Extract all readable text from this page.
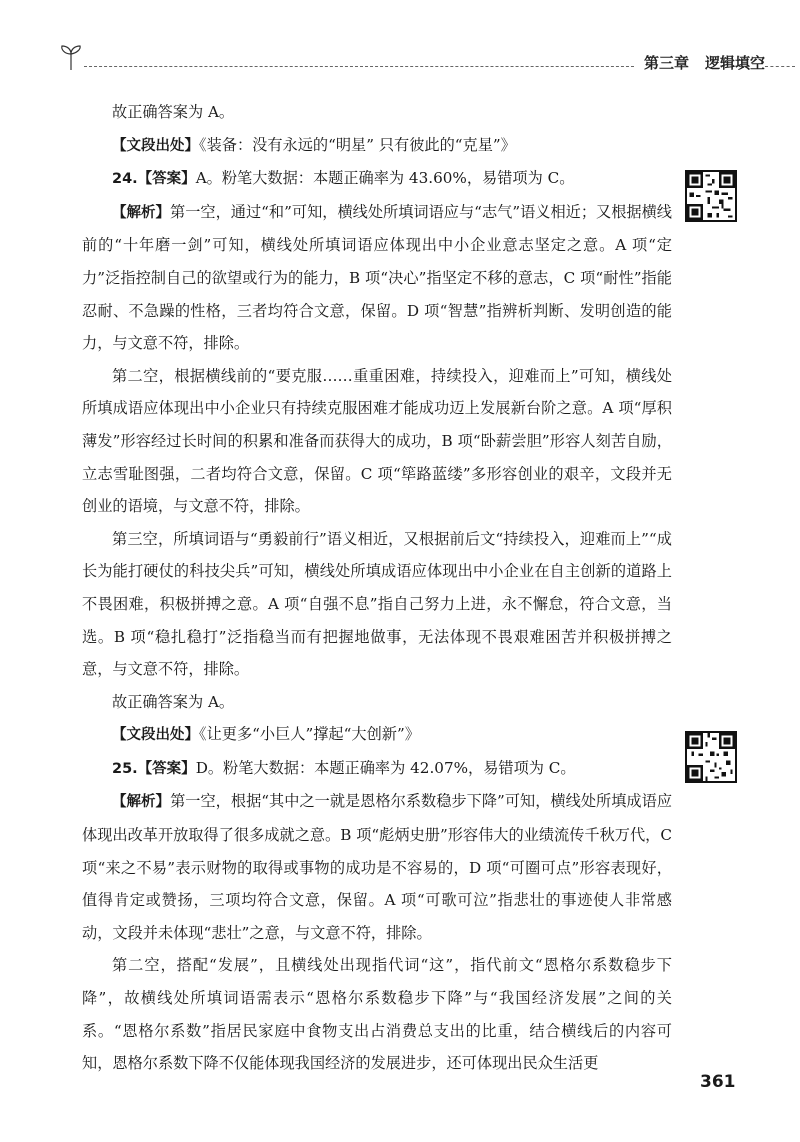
第三章 逻辑填空

故正确答案为 A。

【文段出处】《装备：没有永远的“明星” 只有彼此的“克星”》

24.【答案】A。粉笔大数据：本题正确率为 43.60%，易错项为 C。

【解析】第一空，通过“和”可知，横线处所填词语应与“志气”语义相近；又根据横线前的“十年磨一剑”可知，横线处所填词语应体现出中小企业意志坚定之意。A 项“定力”泛指控制自己的欲望或行为的能力，B 项“决心”指坚定不移的意志，C 项“耐性”指能忍耐、不急躁的性格，三者均符合文意，保留。D 项“智慧”指辨析判断、发明创造的能力，与文意不符，排除。

第二空，根据横线前的“要克服……重重困难，持续投入，迎难而上”可知，横线处所填成语应体现出中小企业只有持续克服困难才能成功迈上发展新台阶之意。A 项“厚积薄发”形容经过长时间的积累和准备而获得大的成功，B 项“卧薪尝胆”形容人刻苦自励，立志雪耻图强，二者均符合文意，保留。C 项“筚路蓝缕”多形容创业的艰辛，文段并无创业的语境，与文意不符，排除。

第三空，所填词语与“勇毅前行”语义相近，又根据前后文“持续投入，迎难而上”“成长为能打硬仗的科技尖兵”可知，横线处所填成语应体现出中小企业在自主创新的道路上不畏困难，积极拼搏之意。A 项“自强不息”指自己努力上进，永不懈怠，符合文意，当选。B 项“稳扎稳打”泛指稳当而有把握地做事，无法体现不畏艰难困苦并积极拼搏之意，与文意不符，排除。

故正确答案为 A。

【文段出处】《让更多“小巨人”撑起“大创新”》

25.【答案】D。粉笔大数据：本题正确率为 42.07%，易错项为 C。

【解析】第一空，根据“其中之一就是恩格尔系数稳步下降”可知，横线处所填成语应体现出改革开放取得了很多成就之意。B 项“彪炳史册”形容伟大的业绩流传千秋万代，C 项“来之不易”表示财物的取得或事物的成功是不容易的，D 项“可圈可点”形容表现好，值得肯定或赞扬，三项均符合文意，保留。A 项“可歌可泣”指悲壮的事迹使人非常感动，文段并未体现“悲壮”之意，与文意不符，排除。

第二空，搭配“发展”，且横线处出现指代词“这”，指代前文“恩格尔系数稳步下降”，故横线处所填词语需表示“恩格尔系数稳步下降”与“我国经济发展”之间的关系。“恩格尔系数”指居民家庭中食物支出占消费总支出的比重，结合横线后的内容可知，恩格尔系数下降不仅能体现我国经济的发展进步，还可体现出民众生活更

361
